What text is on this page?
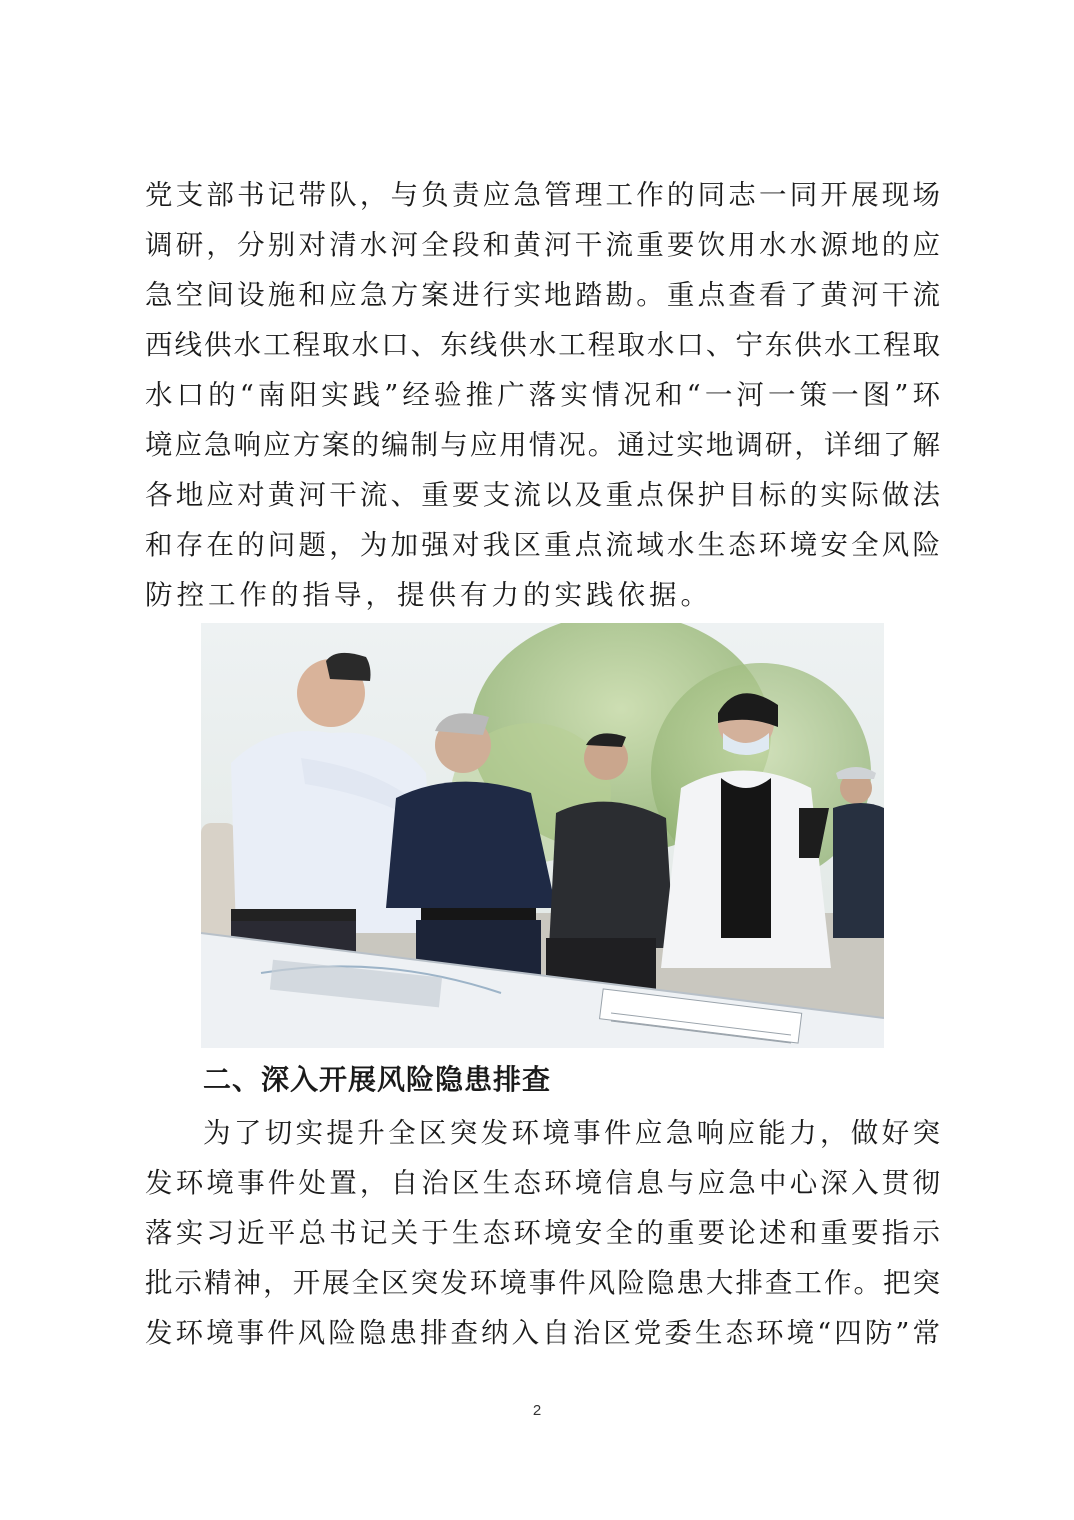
党支部书记带队，与负责应急管理工作的同志一同开展现场
调研，分别对清水河全段和黄河干流重要饮用水水源地的应
急空间设施和应急方案进行实地踏勘。重点查看了黄河干流
西线供水工程取水口、东线供水工程取水口、宁东供水工程取
水口的“南阳实践”经验推广落实情况和“一河一策一图”环
境应急响应方案的编制与应用情况。通过实地调研，详细了解
各地应对黄河干流、重要支流以及重点保护目标的实际做法
和存在的问题，为加强对我区重点流域水生态环境安全风险
防控工作的指导，提供有力的实践依据。
二、深入开展风险隐患排查
为了切实提升全区突发环境事件应急响应能力，做好突
发环境事件处置，自治区生态环境信息与应急中心深入贯彻
落实习近平总书记关于生态环境安全的重要论述和重要指示
批示精神，开展全区突发环境事件风险隐患大排查工作。把突
发环境事件风险隐患排查纳入自治区党委生态环境“四防”常
2
